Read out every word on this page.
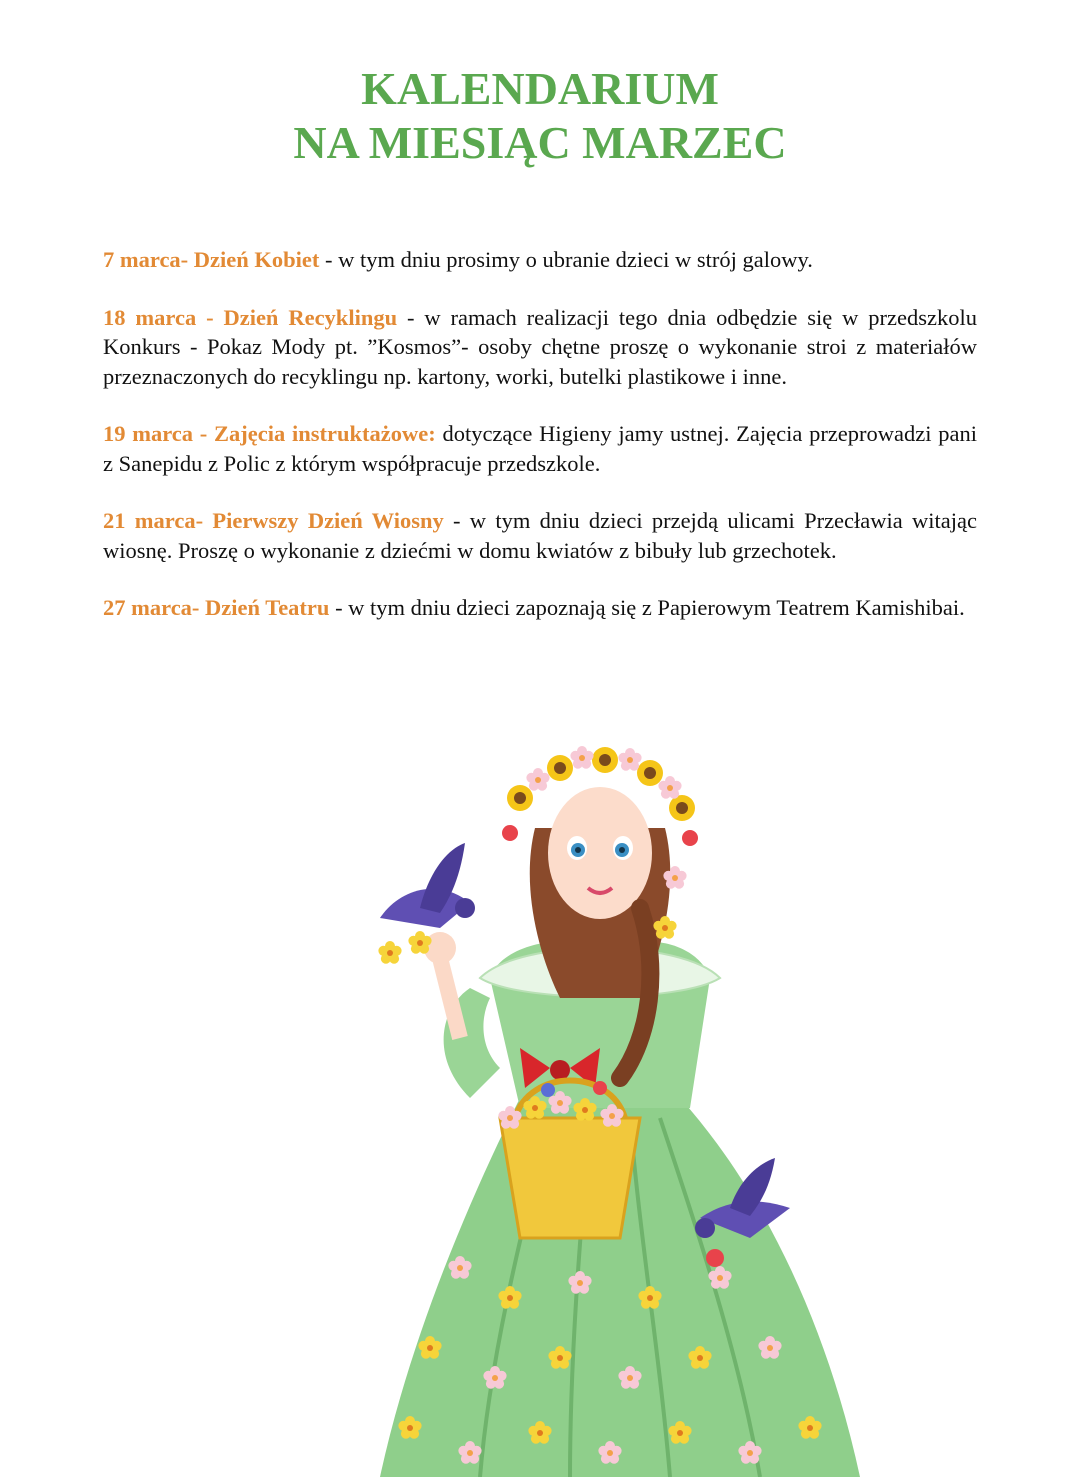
KALENDARIUM
NA MIESIĄC MARZEC

7 marca- Dzień Kobiet - w tym dniu prosimy o ubranie dzieci w strój galowy.

18 marca - Dzień Recyklingu - w ramach realizacji tego dnia odbędzie się w przedszkolu Konkurs - Pokaz Mody pt. ”Kosmos”- osoby chętne proszę o wykonanie stroi z materiałów przeznaczonych do recyklingu np. kartony, worki, butelki plastikowe i inne.

19 marca - Zajęcia instruktażowe: dotyczące Higieny jamy ustnej. Zajęcia przeprowadzi pani z Sanepidu z Polic z którym współpracuje przedszkole.

21 marca- Pierwszy Dzień Wiosny - w tym dniu dzieci przejdą ulicami Przecławia witając wiosnę. Proszę o wykonanie z dziećmi w domu kwiatów z bibuły lub grzechotek.

27 marca- Dzień Teatru - w tym dniu dzieci zapoznają się z Papierowym Teatrem Kamishibai.
